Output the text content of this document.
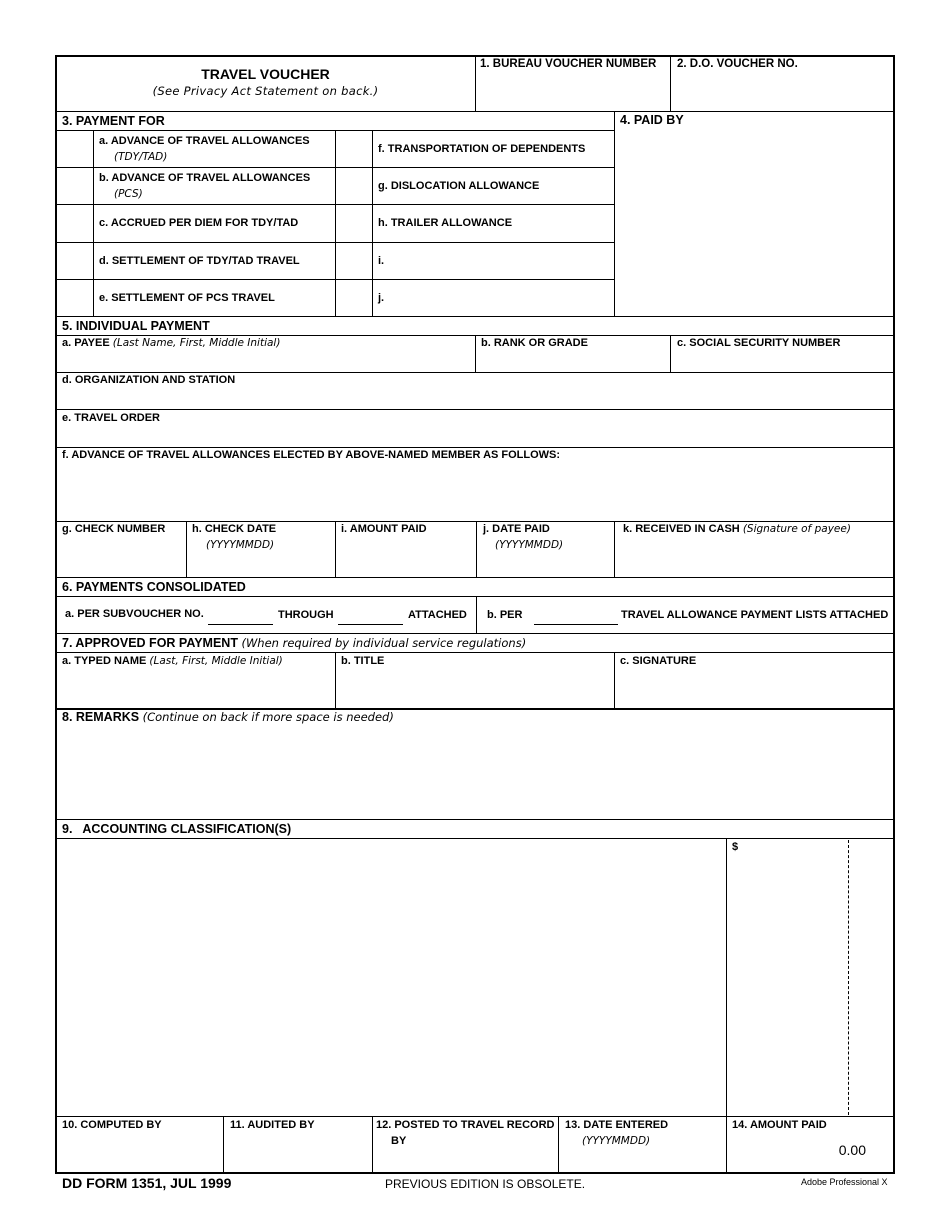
TRAVEL VOUCHER
(See Privacy Act Statement on back.)
1. BUREAU VOUCHER NUMBER 2. D.O. VOUCHER NO.
3. PAYMENT FOR	4. PAID BY
a. ADVANCE OF TRAVEL ALLOWANCES
(TDY/TAD)
b. ADVANCE OF TRAVEL ALLOWANCES
(PCS)
c. ACCRUED PER DIEM FOR TDY/TAD
d. SETTLEMENT OF TDY/TAD TRAVEL
e. SETTLEMENT OF PCS TRAVEL
f. TRANSPORTATION OF DEPENDENTS
g. DISLOCATION ALLOWANCE
h. TRAILER ALLOWANCE
i.
j.
5. INDIVIDUAL PAYMENT
a. PAYEE (Last Name, First, Middle Initial)	b. RANK OR GRADE	c. SOCIAL SECURITY NUMBER
d. ORGANIZATION AND STATION
e. TRAVEL ORDER
f. ADVANCE OF TRAVEL ALLOWANCES ELECTED BY ABOVE-NAMED MEMBER AS FOLLOWS:
g. CHECK NUMBER h. CHECK DATE
(YYYYMMDD)
i. AMOUNT PAID	j. DATE PAID
(YYYYMMDD)
k. RECEIVED IN CASH (Signature of payee)
6. PAYMENTS CONSOLIDATED
a. PER SUBVOUCHER NO.	THROUGH	ATTACHED b. PER	TRAVEL ALLOWANCE PAYMENT LISTS ATTACHED
7. APPROVED FOR PAYMENT (When required by individual service regulations)
a. TYPED NAME (Last, First, Middle Initial)	b. TITLE	c. SIGNATURE
8. REMARKS (Continue on back if more space is needed)
9.   ACCOUNTING CLASSIFICATION(S)
$
10. COMPUTED BY	11. AUDITED BY	12. POSTED TO TRAVEL RECORD
BY
13. DATE ENTERED
(YYYYMMDD)
14. AMOUNT PAID
0.00
DD FORM 1351, JUL 1999	PREVIOUS EDITION IS OBSOLETE.	Adobe Professional X
